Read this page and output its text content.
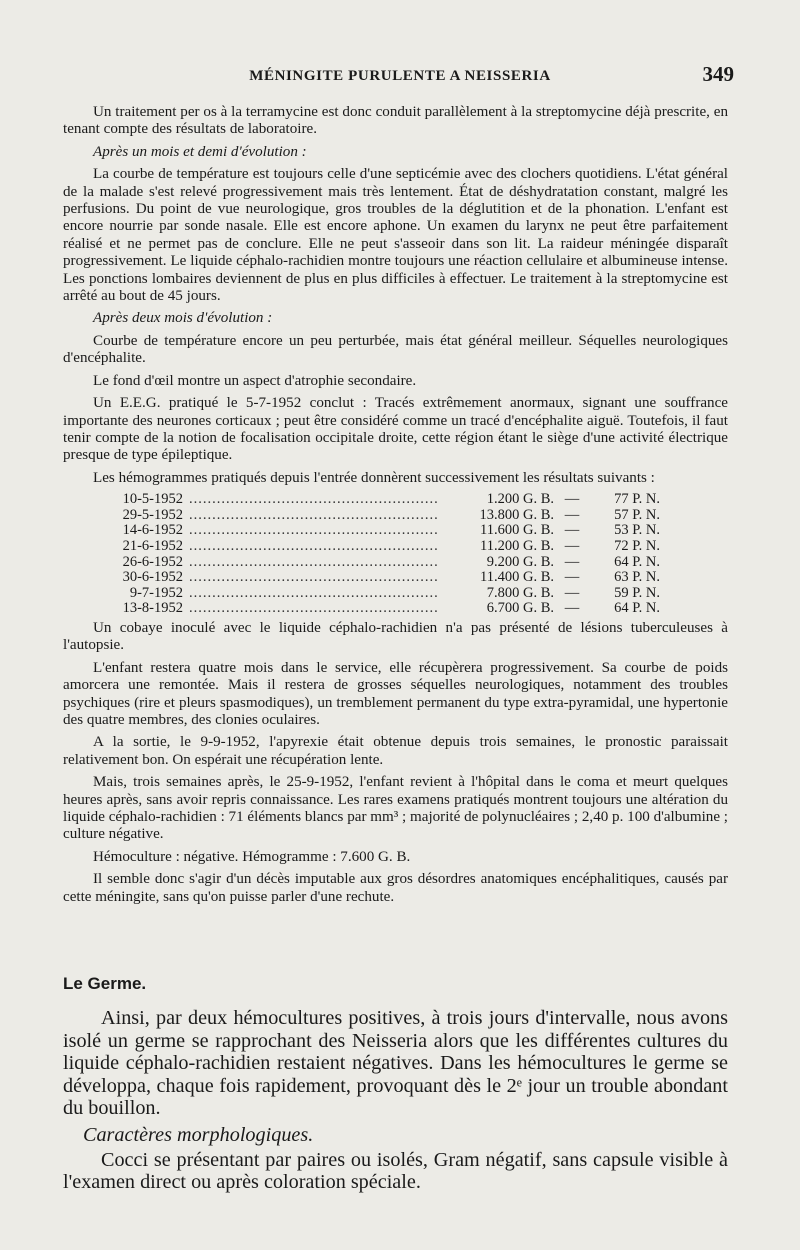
MÉNINGITE PURULENTE A NEISSERIA	349

Un traitement per os à la terramycine est donc conduit parallèlement à la streptomycine déjà prescrite, en tenant compte des résultats de laboratoire.

Après un mois et demi d'évolution :

La courbe de température est toujours celle d'une septicémie avec des clochers quotidiens. L'état général de la malade s'est relevé progressivement mais très lentement. État de déshydratation constant, malgré les perfusions. Du point de vue neurologique, gros troubles de la déglutition et de la phonation. L'enfant est encore nourrie par sonde nasale. Elle est encore aphone. Un examen du larynx ne peut être parfaitement réalisé et ne permet pas de conclure. Elle ne peut s'asseoir dans son lit. La raideur méningée disparaît progressivement. Le liquide céphalo-rachidien montre toujours une réaction cellulaire et albumineuse intense. Les ponctions lombaires deviennent de plus en plus difficiles à effectuer. Le traitement à la streptomycine est arrêté au bout de 45 jours.

Après deux mois d'évolution :

Courbe de température encore un peu perturbée, mais état général meilleur. Séquelles neurologiques d'encéphalite.

Le fond d'œil montre un aspect d'atrophie secondaire.

Un E.E.G. pratiqué le 5-7-1952 conclut : Tracés extrêmement anormaux, signant une souffrance importante des neurones corticaux ; peut être considéré comme un tracé d'encéphalite aiguë. Toutefois, il faut tenir compte de la notion de focalisation occipitale droite, cette région étant le siège d'une activité électrique presque de type épileptique.

Les hémogrammes pratiqués depuis l'entrée donnèrent successivement les résultats suivants :

10-5-1952 ......................................................	1.200 G. B. —	77 P. N.
29-5-1952 ......................................................	13.800 G. B. —	57 P. N.
14-6-1952 ......................................................	11.600 G. B. —	53 P. N.
21-6-1952 ......................................................	11.200 G. B. —	72 P. N.
26-6-1952 ......................................................	9.200 G. B. —	64 P. N.
30-6-1952 ......................................................	11.400 G. B. —	63 P. N.
9-7-1952 ......................................................	7.800 G. B. —	59 P. N.
13-8-1952 ......................................................	6.700 G. B. —	64 P. N.

Un cobaye inoculé avec le liquide céphalo-rachidien n'a pas présenté de lésions tuberculeuses à l'autopsie.

L'enfant restera quatre mois dans le service, elle récupèrera progressivement. Sa courbe de poids amorcera une remontée. Mais il restera de grosses séquelles neurologiques, notamment des troubles psychiques (rire et pleurs spasmodiques), un tremblement permanent du type extra-pyramidal, une hypertonie des quatre membres, des clonies oculaires.

A la sortie, le 9-9-1952, l'apyrexie était obtenue depuis trois semaines, le pronostic paraissait relativement bon. On espérait une récupération lente.

Mais, trois semaines après, le 25-9-1952, l'enfant revient à l'hôpital dans le coma et meurt quelques heures après, sans avoir repris connaissance. Les rares examens pratiqués montrent toujours une altération du liquide céphalo-rachidien : 71 éléments blancs par mm³ ; majorité de polynucléaires ; 2,40 p. 100 d'albumine ; culture négative.

Hémoculture : négative. Hémogramme : 7.600 G. B.

Il semble donc s'agir d'un décès imputable aux gros désordres anatomiques encéphalitiques, causés par cette méningite, sans qu'on puisse parler d'une rechute.

Le Germe.

Ainsi, par deux hémocultures positives, à trois jours d'intervalle, nous avons isolé un germe se rapprochant des Neisseria alors que les différentes cultures du liquide céphalo-rachidien restaient négatives. Dans les hémocultures le germe se développa, chaque fois rapidement, provoquant dès le 2ᵉ jour un trouble abondant du bouillon.

Caractères morphologiques.

Cocci se présentant par paires ou isolés, Gram négatif, sans capsule visible à l'examen direct ou après coloration spéciale.
